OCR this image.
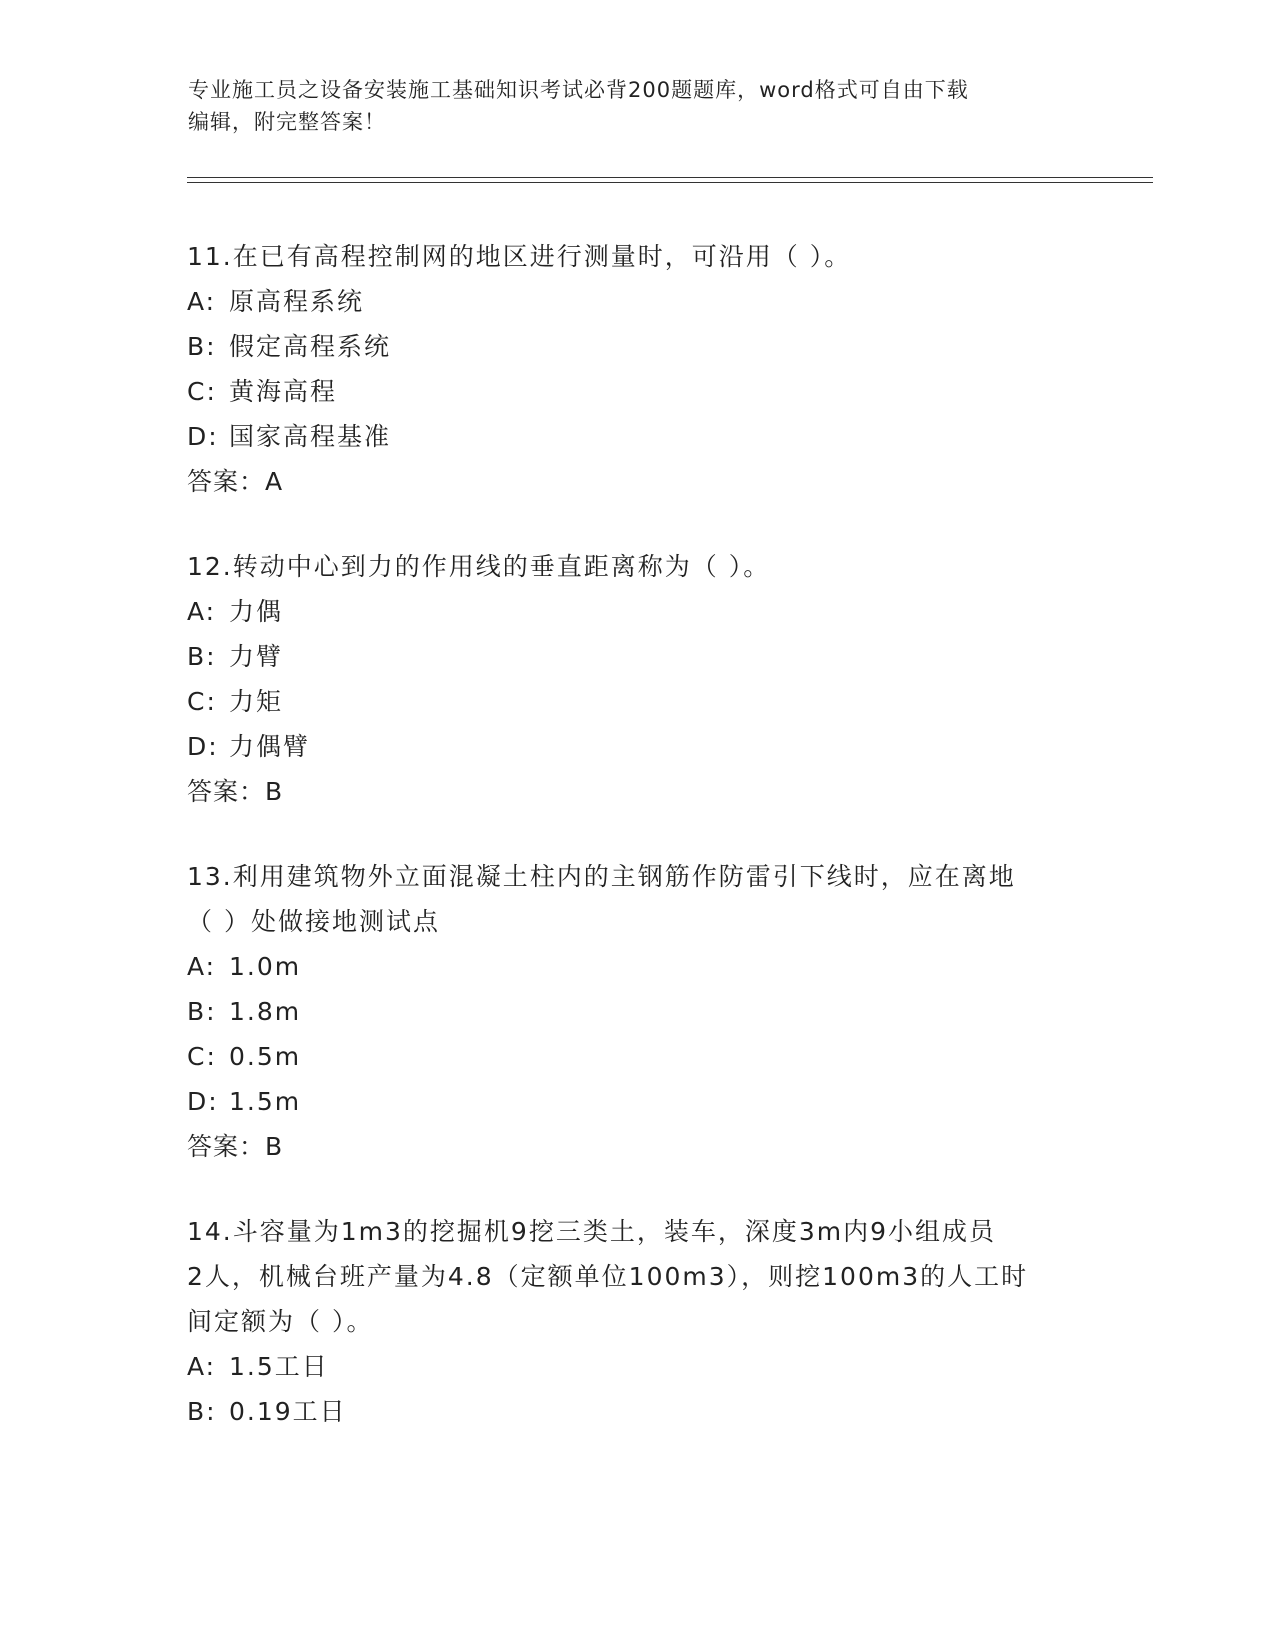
专业施工员之设备安装施工基础知识考试必背200题题库，word格式可自由下载
编辑，附完整答案！
11.在已有高程控制网的地区进行测量时，可沿用（ ）。
A: 原高程系统
B: 假定高程系统
C: 黄海高程
D: 国家高程基准
答案：A
12.转动中心到力的作用线的垂直距离称为（ ）。
A: 力偶
B: 力臂
C: 力矩
D: 力偶臂
答案：B
13.利用建筑物外立面混凝土柱内的主钢筋作防雷引下线时，应在离地
（ ）处做接地测试点
A: 1.0m
B: 1.8m
C: 0.5m
D: 1.5m
答案：B
14.斗容量为1m3的挖掘机9挖三类土，装车，深度3m内9小组成员
2人，机械台班产量为4.8（定额单位100m3），则挖100m3的人工时
间定额为（ ）。
A: 1.5工日
B: 0.19工日
